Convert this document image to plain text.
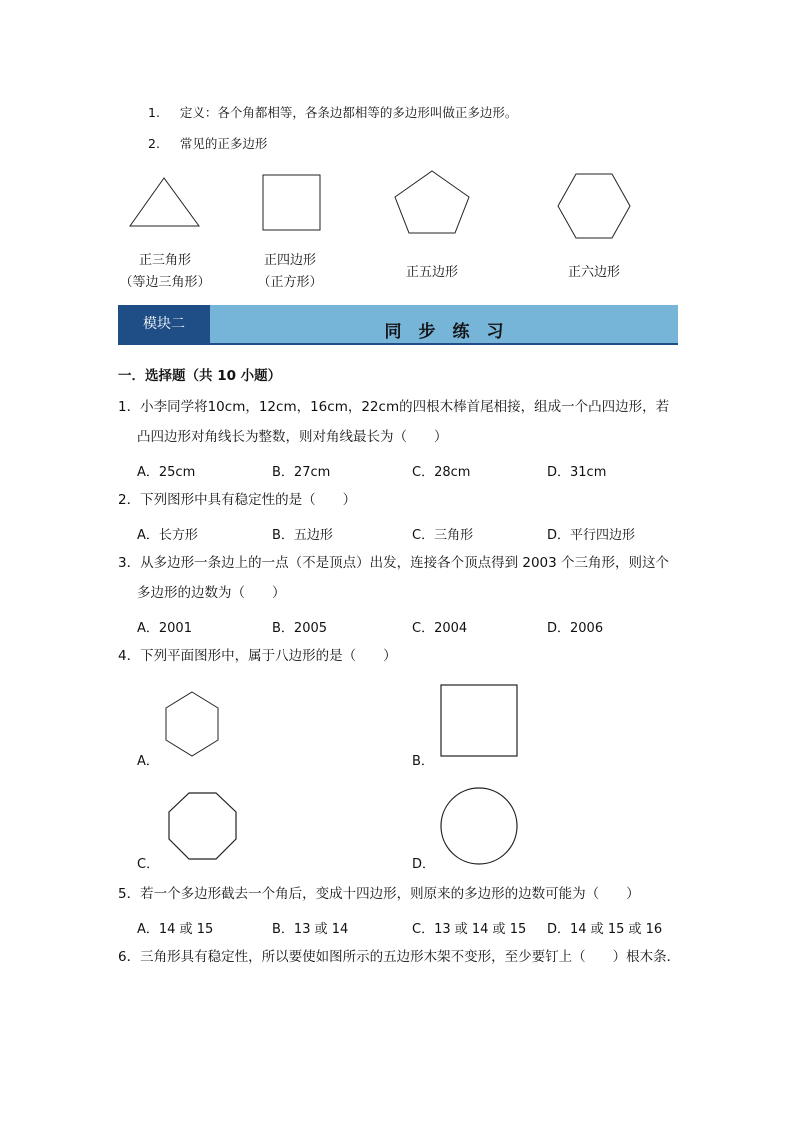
1. 定义：各个角都相等，各条边都相等的多边形叫做正多边形。
2. 常见的正多边形
正三角形
（等边三角形）
正四边形
（正方形）
正五边形	正六边形
模块二	同　步　练　习
一．选择题（共 10 小题）
1．小李同学将10cm，12cm，16cm，22cm的四根木棒首尾相接，组成一个凸四边形，若
凸四边形对角线长为整数，则对角线最长为（　　）
A．25cm	B．27cm	C．28cm	D．31cm
2．下列图形中具有稳定性的是（　　）
A．长方形	B．五边形	C．三角形	D．平行四边形
3．从多边形一条边上的一点（不是顶点）出发，连接各个顶点得到 2003 个三角形，则这个
多边形的边数为（　　）
A．2001	B．2005	C．2004	D．2006
4．下列平面图形中，属于八边形的是（　　）
A．	B．
C．	D．
5．若一个多边形截去一个角后，变成十四边形，则原来的多边形的边数可能为（　　）
A．14 或 15	B．13 或 14	C．13 或 14 或 15 D．14 或 15 或 16
6．三角形具有稳定性，所以要使如图所示的五边形木架不变形，至少要钉上（　　）根木条．
